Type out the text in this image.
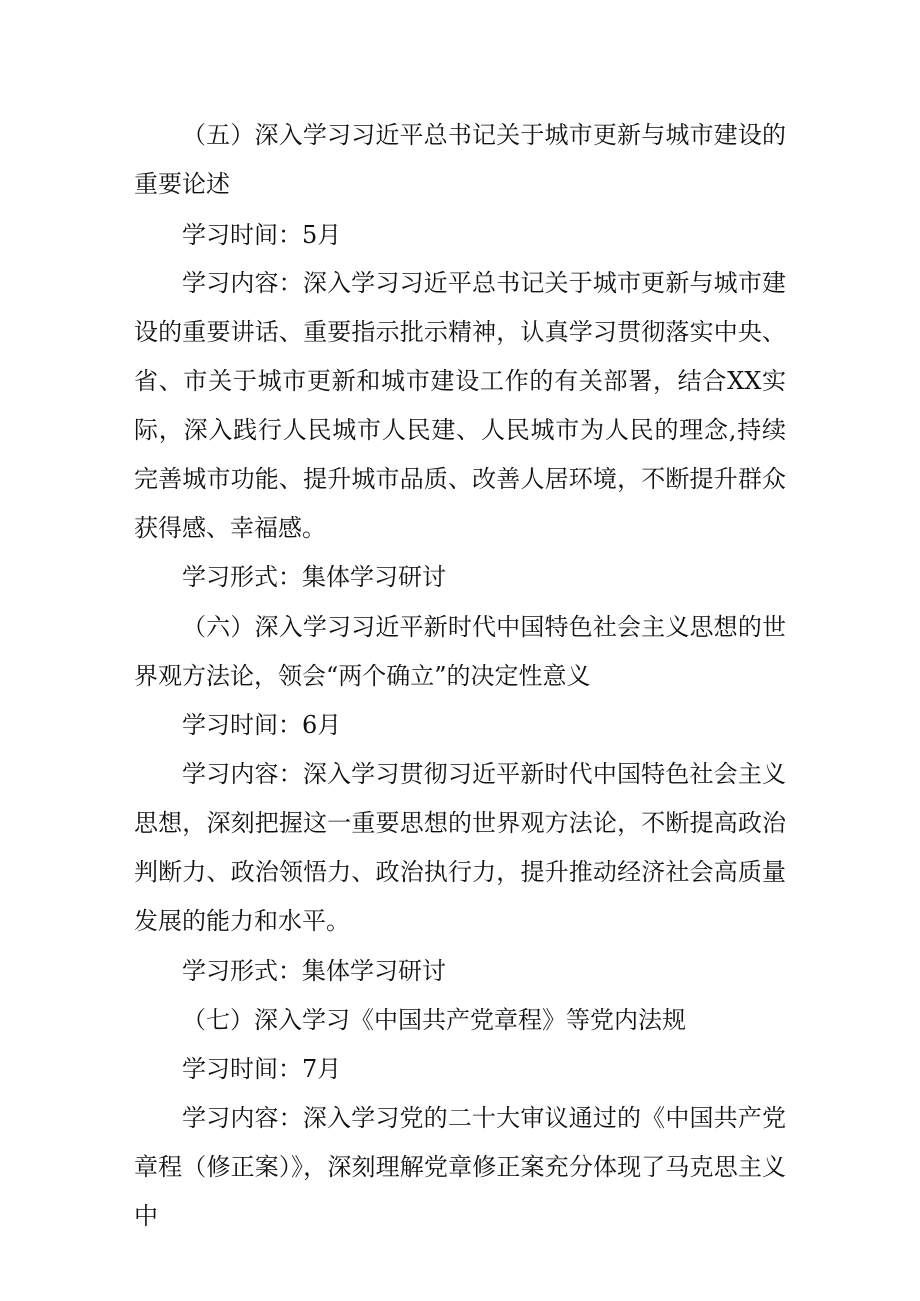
（五）深入学习习近平总书记关于城市更新与城市建设的重要论述

学习时间：5月

学习内容：深入学习习近平总书记关于城市更新与城市建设的重要讲话、重要指示批示精神，认真学习贯彻落实中央、省、市关于城市更新和城市建设工作的有关部署，结合XX实际，深入践行人民城市人民建、人民城市为人民的理念,持续完善城市功能、提升城市品质、改善人居环境，不断提升群众获得感、幸福感。

学习形式：集体学习研讨

（六）深入学习习近平新时代中国特色社会主义思想的世界观方法论，领会“两个确立”的决定性意义

学习时间：6月

学习内容：深入学习贯彻习近平新时代中国特色社会主义思想，深刻把握这一重要思想的世界观方法论，不断提高政治判断力、政治领悟力、政治执行力，提升推动经济社会高质量发展的能力和水平。

学习形式：集体学习研讨

（七）深入学习《中国共产党章程》等党内法规

学习时间：7月

学习内容：深入学习党的二十大审议通过的《中国共产党章程（修正案）》，深刻理解党章修正案充分体现了马克思主义中
